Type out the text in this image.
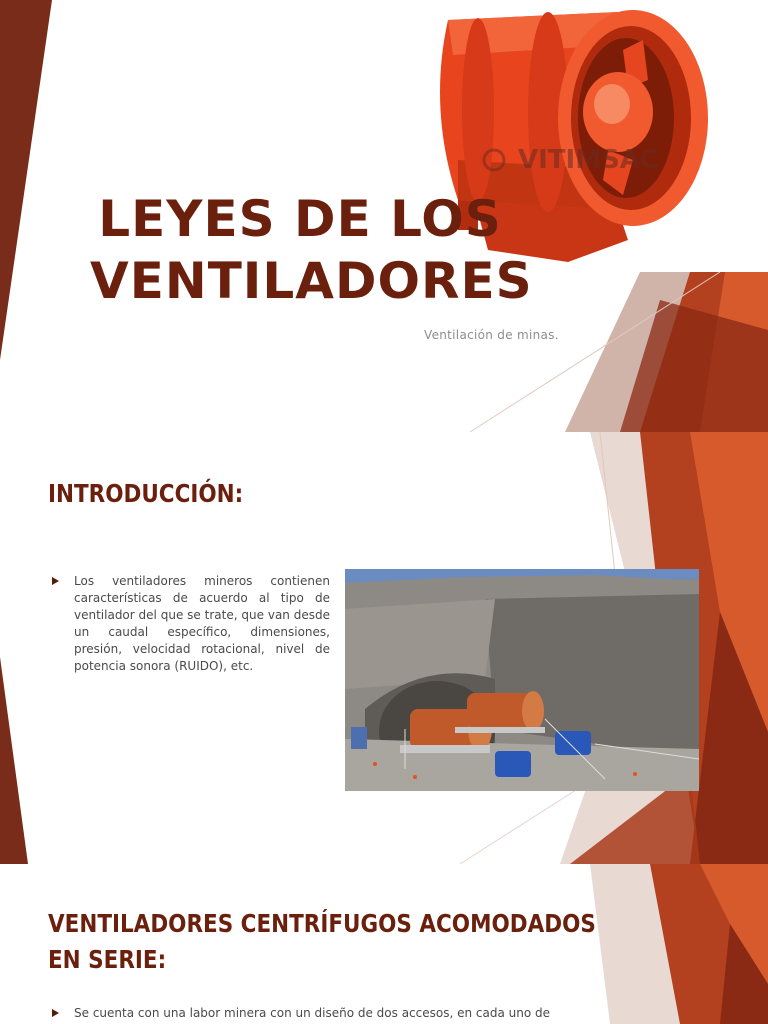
VITIMSAC
LEYES DE LOS VENTILADORES
Ventilación de minas.
INTRODUCCIÓN:
Los ventiladores mineros contienen características de acuerdo al tipo de ventilador del que se trate, que van desde un caudal específico, dimensiones, presión, velocidad rotacional, nivel de potencia sonora (RUIDO), etc.
VENTILADORES CENTRÍFUGOS ACOMODADOS EN SERIE:
Se cuenta con una labor minera con un diseño de dos accesos, en cada uno de
